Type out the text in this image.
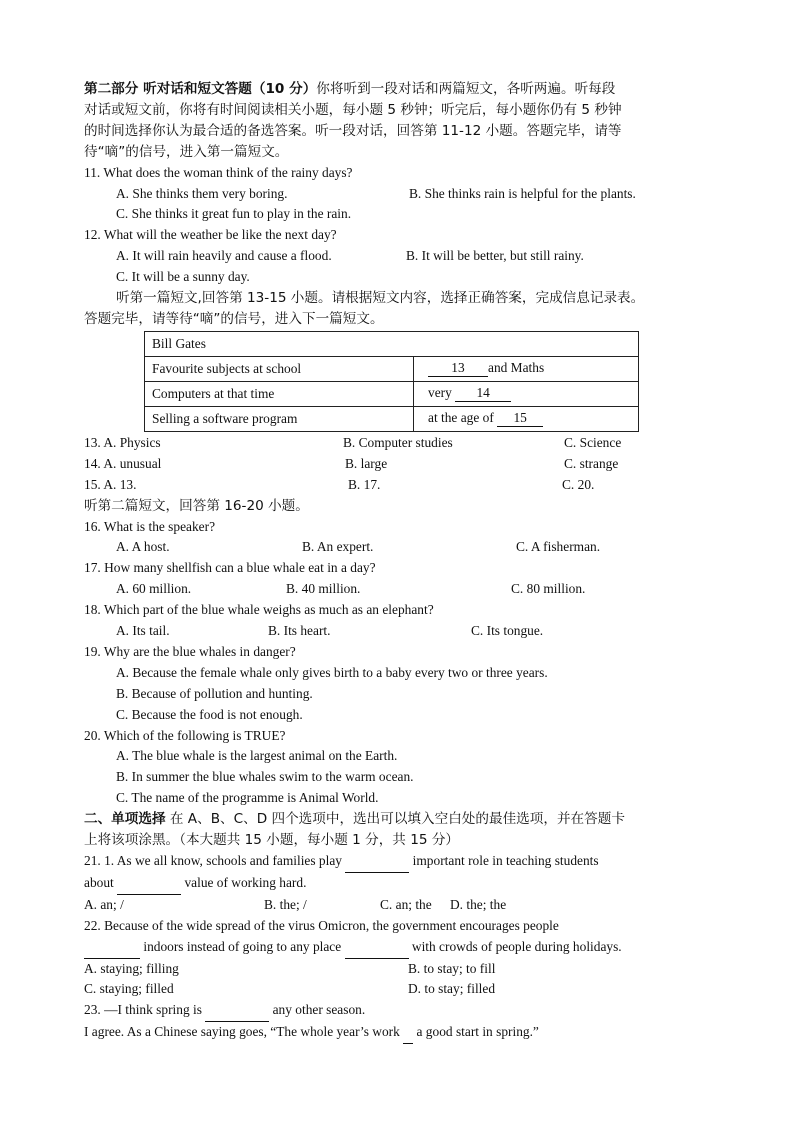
第二部分 听对话和短文答题（10 分）你将听到一段对话和两篇短文，各听两遍。听每段
对话或短文前，你将有时间阅读相关小题，每小题 5 秒钟；听完后，每小题你仍有 5 秒钟
的时间选择你认为最合适的备选答案。听一段对话，回答第 11-12 小题。答题完毕，请等
待“嘀”的信号，进入第一篇短文。
11. What does the woman think of the rainy days?
A. She thinks them very boring.	B. She thinks rain is helpful for the plants.
C. She thinks it great fun to play in the rain.
12. What will the weather be like the next day?
A. It will rain heavily and cause a flood.	B. It will be better, but still rainy.
C. It will be a sunny day.
听第一篇短文,回答第 13-15 小题。请根据短文内容，选择正确答案，完成信息记录表。
答题完毕，请等待“嘀”的信号，进入下一篇短文。
Bill Gates	
Favourite subjects at school	13 and Maths
Computers at that time	very 14
Selling a software program	at the age of 15
13. A. Physics	B. Computer studies	C. Science
14. A. unusual	B. large	C. strange
15. A. 13.	B. 17.	C. 20.
听第二篇短文，回答第 16-20 小题。
16. What is the speaker?
A. A host.	B. An expert.	C. A fisherman.
17. How many shellfish can a blue whale eat in a day?
A. 60 million.	B. 40 million.	C. 80 million.
18. Which part of the blue whale weighs as much as an elephant?
A. Its tail.	B. Its heart.	C. Its tongue.
19. Why are the blue whales in danger?
A. Because the female whale only gives birth to a baby every two or three years.
B. Because of pollution and hunting.
C. Because the food is not enough.
20. Which of the following is TRUE?
A. The blue whale is the largest animal on the Earth.
B. In summer the blue whales swim to the warm ocean.
C. The name of the programme is Animal World.
二、单项选择 在 A、B、C、D 四个选项中，选出可以填入空白处的最佳选项，并在答题卡
上将该项涂黑。（本大题共 15 小题，每小题 1 分，共 15 分）
21. 1. As we all know, schools and families play	important role in teaching students
about	value of working hard.
A. an; /	B. the; /	C. an; the	D. the; the
22. Because of the wide spread of the virus Omicron, the government encourages people
indoors instead of going to any place	with crowds of people during holidays.
A. staying; filling	B. to stay; to fill
C. staying; filled	D. to stay; filled
23. —I think spring is	any other season.
I agree. As a Chinese saying goes, “The whole year’s work   a good start in spring.”
